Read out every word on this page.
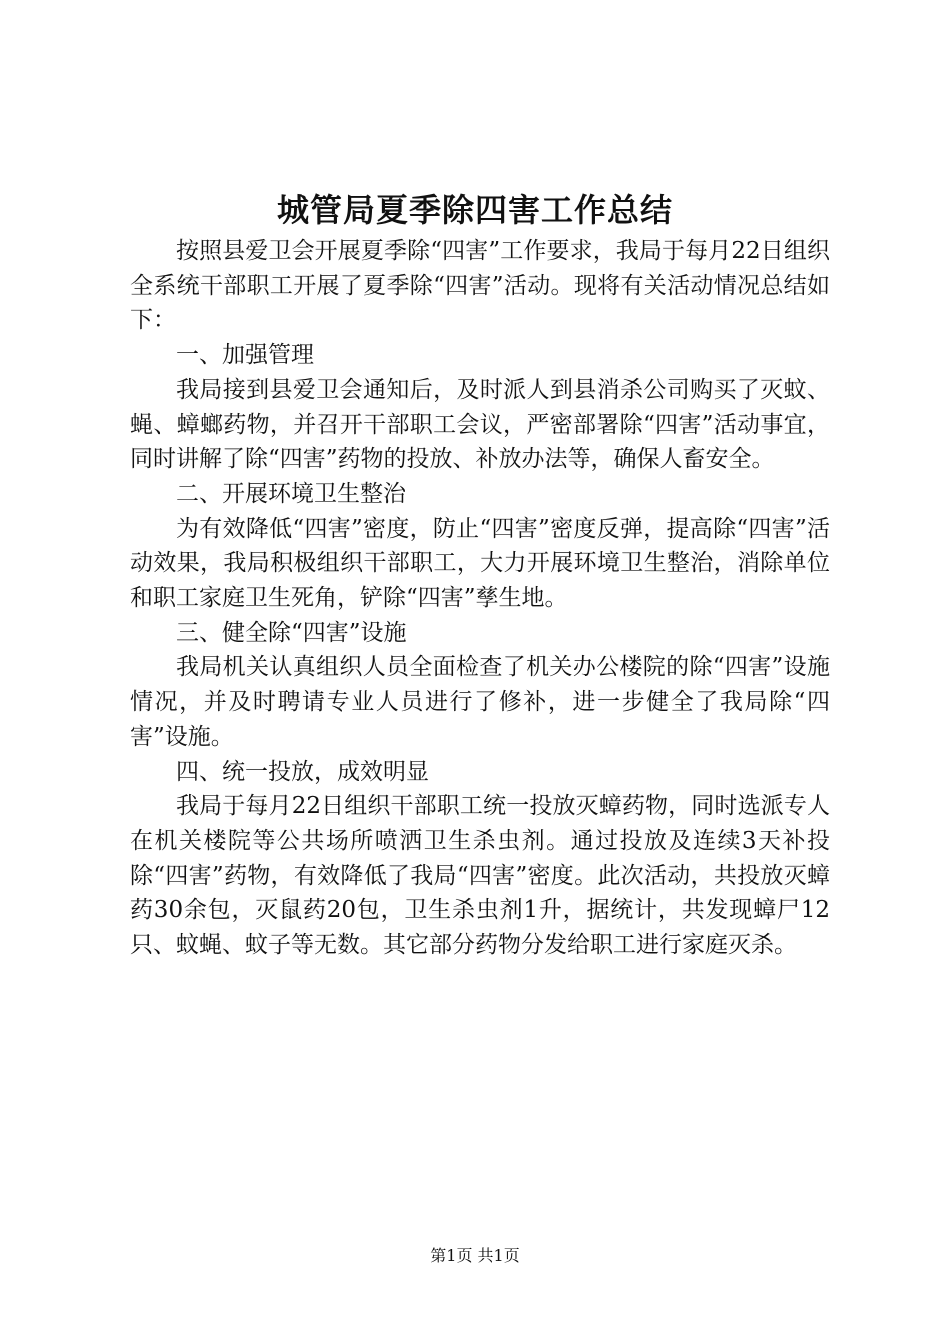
城管局夏季除四害工作总结

按照县爱卫会开展夏季除“四害”工作要求，我局于每月22日组织全系统干部职工开展了夏季除“四害”活动。现将有关活动情况总结如下：

一、加强管理

我局接到县爱卫会通知后，及时派人到县消杀公司购买了灭蚊、蝇、蟑螂药物，并召开干部职工会议，严密部署除“四害”活动事宜，同时讲解了除“四害”药物的投放、补放办法等，确保人畜安全。

二、开展环境卫生整治

为有效降低“四害”密度，防止“四害”密度反弹，提高除“四害”活动效果，我局积极组织干部职工，大力开展环境卫生整治，消除单位和职工家庭卫生死角，铲除“四害”孳生地。

三、健全除“四害”设施

我局机关认真组织人员全面检查了机关办公楼院的除“四害”设施情况，并及时聘请专业人员进行了修补，进一步健全了我局除“四害”设施。

四、统一投放，成效明显

我局于每月22日组织干部职工统一投放灭蟑药物，同时选派专人在机关楼院等公共场所喷洒卫生杀虫剂。通过投放及连续3天补投除“四害”药物，有效降低了我局“四害”密度。此次活动，共投放灭蟑药30余包，灭鼠药20包，卫生杀虫剂1升，据统计，共发现蟑尸12只、蚊蝇、蚊子等无数。其它部分药物分发给职工进行家庭灭杀。

第1页 共1页
